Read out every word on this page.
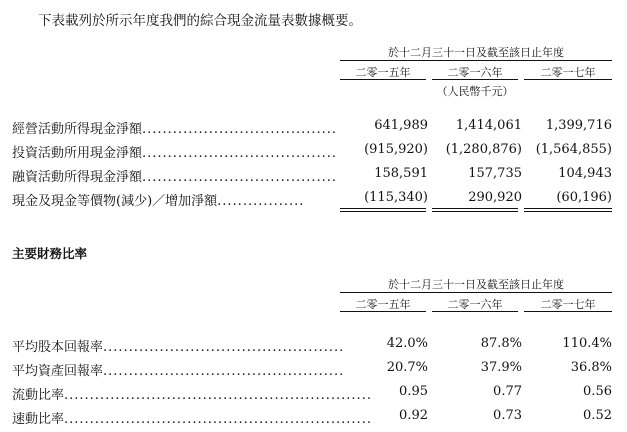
下表載列於所示年度我們的綜合現金流量表數據概要。
於十二月三十一日及截至該日止年度
二零一五年	二零一六年	二零一七年
（人民幣千元）
經營活動所得現金淨額......................................	641,989	1,414,061	1,399,716
投資活動所用現金淨額......................................	(915,920)	(1,280,876)	(1,564,855)
融資活動所得現金淨額......................................	158,591	157,735	104,943
現金及現金等價物(減少)／增加淨額.................	(115,340)	290,920	(60,196)
主要財務比率
於十二月三十一日及截至該日止年度
二零一五年	二零一六年	二零一七年
平均股本回報率...............................................	42.0%	87.8%	110.4%
平均資產回報率...............................................	20.7%	37.9%	36.8%
流動比率............................................................	0.95	0.77	0.56
速動比率............................................................	0.92	0.73	0.52
